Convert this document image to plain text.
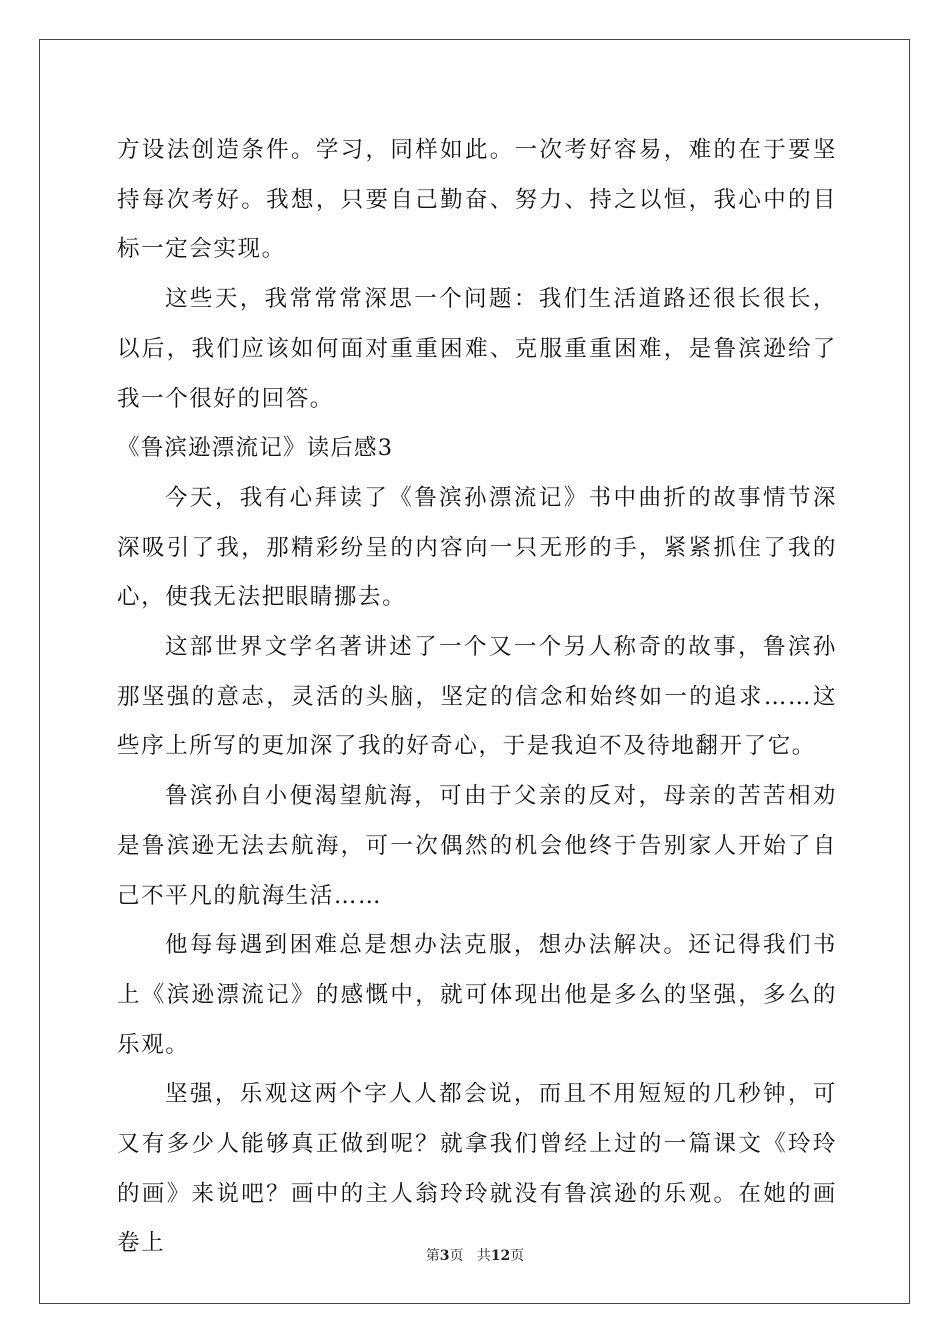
方设法创造条件。学习，同样如此。一次考好容易，难的在于要坚持每次考好。我想，只要自己勤奋、努力、持之以恒，我心中的目标一定会实现。

这些天，我常常常深思一个问题：我们生活道路还很长很长，以后，我们应该如何面对重重困难、克服重重困难，是鲁滨逊给了我一个很好的回答。

《鲁滨逊漂流记》读后感3

今天，我有心拜读了《鲁滨孙漂流记》书中曲折的故事情节深深吸引了我，那精彩纷呈的内容向一只无形的手，紧紧抓住了我的心，使我无法把眼睛挪去。

这部世界文学名著讲述了一个又一个另人称奇的故事，鲁滨孙那坚强的意志，灵活的头脑，坚定的信念和始终如一的追求……这些序上所写的更加深了我的好奇心，于是我迫不及待地翻开了它。

鲁滨孙自小便渴望航海，可由于父亲的反对，母亲的苦苦相劝是鲁滨逊无法去航海，可一次偶然的机会他终于告别家人开始了自己不平凡的航海生活……

他每每遇到困难总是想办法克服，想办法解决。还记得我们书上《滨逊漂流记》的感慨中，就可体现出他是多么的坚强，多么的乐观。

坚强，乐观这两个字人人都会说，而且不用短短的几秒钟，可又有多少人能够真正做到呢？就拿我们曾经上过的一篇课文《玲玲的画》来说吧？画中的主人翁玲玲就没有鲁滨逊的乐观。在她的画卷上	第3页 共12页
